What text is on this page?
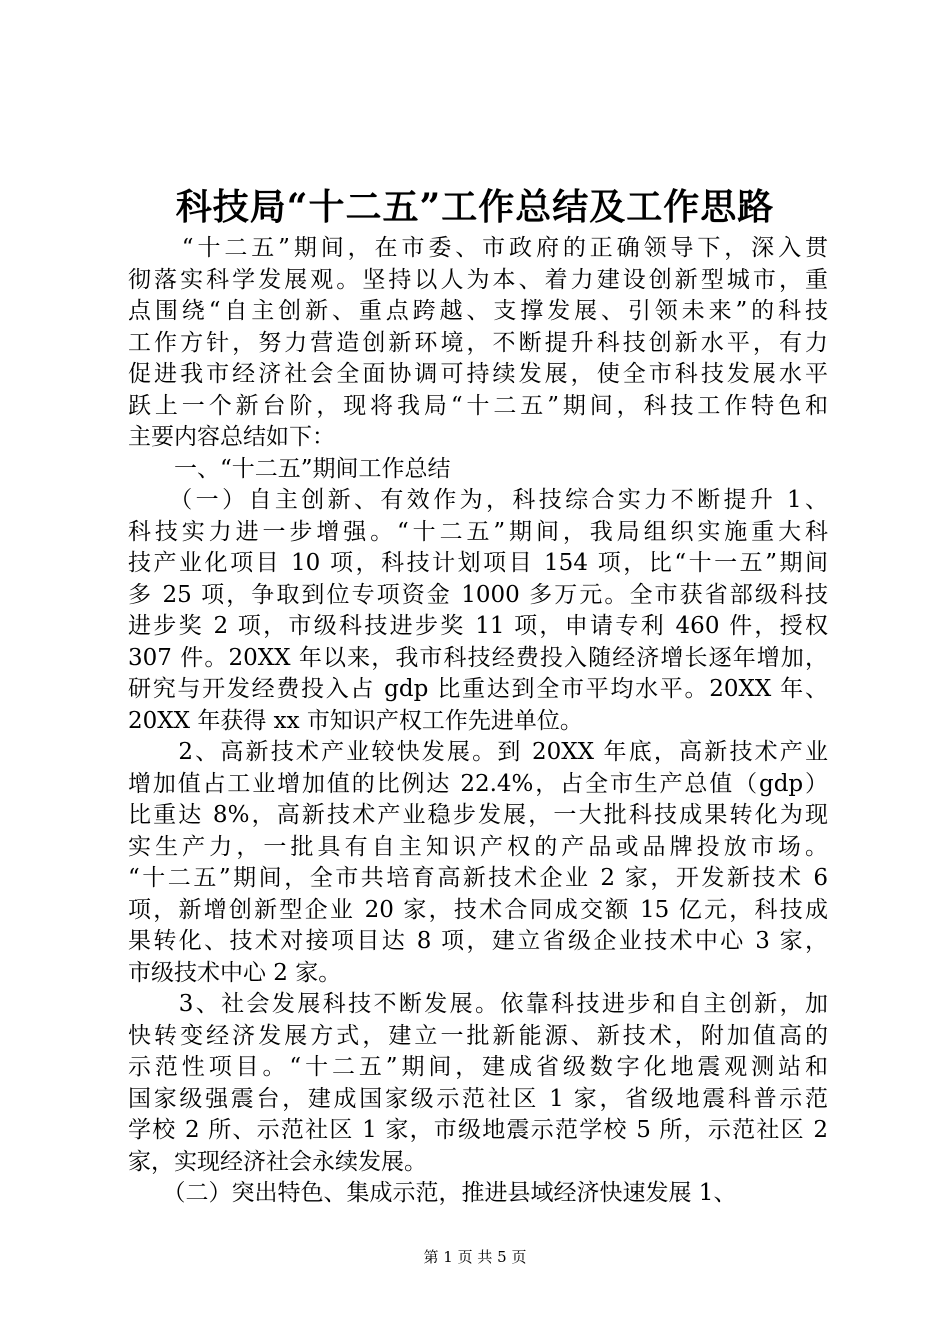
科技局“十二五”工作总结及工作思路
　　“十二五”期间，在市委、市政府的正确领导下，深入贯
彻落实科学发展观。坚持以人为本、着力建设创新型城市，重
点围绕“自主创新、重点跨越、支撑发展、引领未来”的科技
工作方针，努力营造创新环境，不断提升科技创新水平，有力
促进我市经济社会全面协调可持续发展，使全市科技发展水平
跃上一个新台阶，现将我局“十二五”期间，科技工作特色和
主要内容总结如下：
　　一、“十二五”期间工作总结
　　（一）自主创新、有效作为，科技综合实力不断提升 1、
科技实力进一步增强。“十二五”期间，我局组织实施重大科
技产业化项目 10 项，科技计划项目 154 项，比“十一五”期间
多 25 项，争取到位专项资金 1000 多万元。全市获省部级科技
进步奖 2 项，市级科技进步奖 11 项，申请专利 460 件，授权
307 件。20XX 年以来，我市科技经费投入随经济增长逐年增加，
研究与开发经费投入占 gdp 比重达到全市平均水平。20XX 年、
20XX 年获得 xx 市知识产权工作先进单位。
　　2、高新技术产业较快发展。到 20XX 年底，高新技术产业
增加值占工业增加值的比例达 22.4%，占全市生产总值（gdp）
比重达 8%，高新技术产业稳步发展，一大批科技成果转化为现
实生产力，一批具有自主知识产权的产品或品牌投放市场。
“十二五”期间，全市共培育高新技术企业 2 家，开发新技术 6
项，新增创新型企业 20 家，技术合同成交额 15 亿元，科技成
果转化、技术对接项目达 8 项，建立省级企业技术中心 3 家，
市级技术中心 2 家。
　　3、社会发展科技不断发展。依靠科技进步和自主创新，加
快转变经济发展方式，建立一批新能源、新技术，附加值高的
示范性项目。“十二五”期间，建成省级数字化地震观测站和
国家级强震台，建成国家级示范社区 1 家，省级地震科普示范
学校 2 所、示范社区 1 家，市级地震示范学校 5 所，示范社区 2
家，实现经济社会永续发展。
　　（二）突出特色、集成示范，推进县域经济快速发展 1、
第 1 页 共 5 页
